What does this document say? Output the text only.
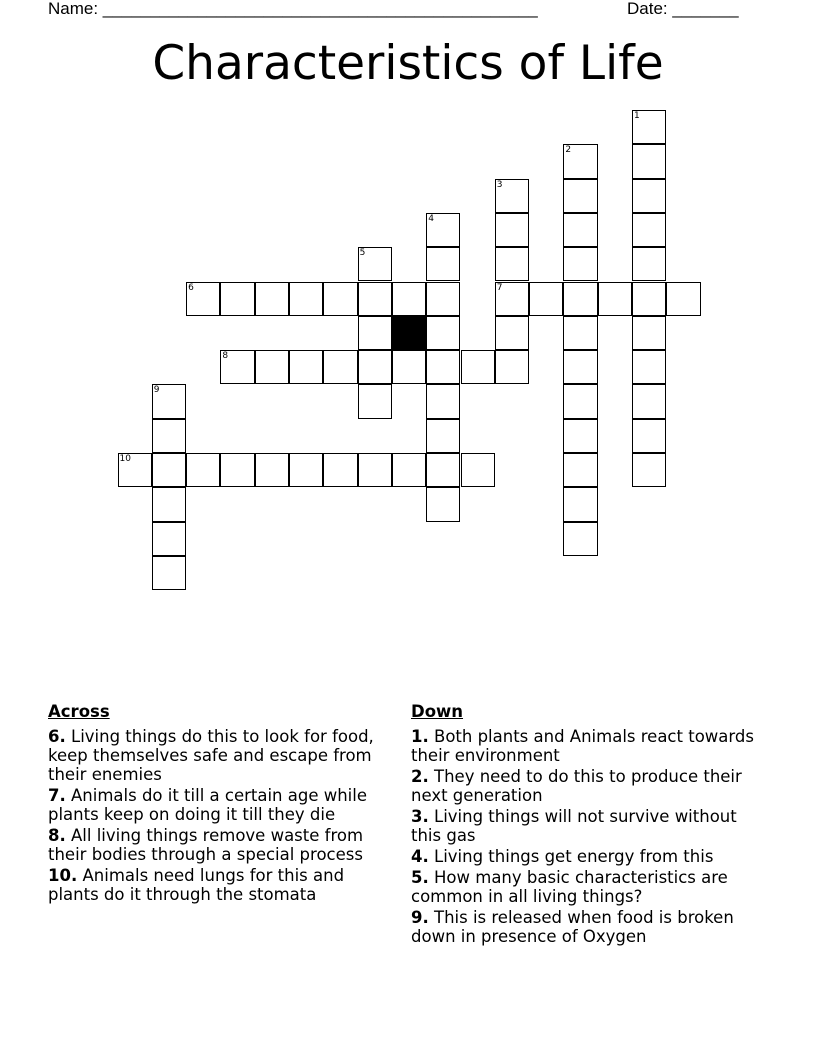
Name: ______________________________________________	Date: _______
Characteristics of Life
1
2
3
7
4
5
6
8
9
10
Across
6. Living things do this to look for food, keep themselves safe and escape from their enemies
7. Animals do it till a certain age while plants keep on doing it till they die
8. All living things remove waste from their bodies through a special process
10. Animals need lungs for this and plants do it through the stomata
Down
1. Both plants and Animals react towards their environment
2. They need to do this to produce their next generation
3. Living things will not survive without this gas
4. Living things get energy from this
5. How many basic characteristics are common in all living things?
9. This is released when food is broken down in presence of Oxygen
